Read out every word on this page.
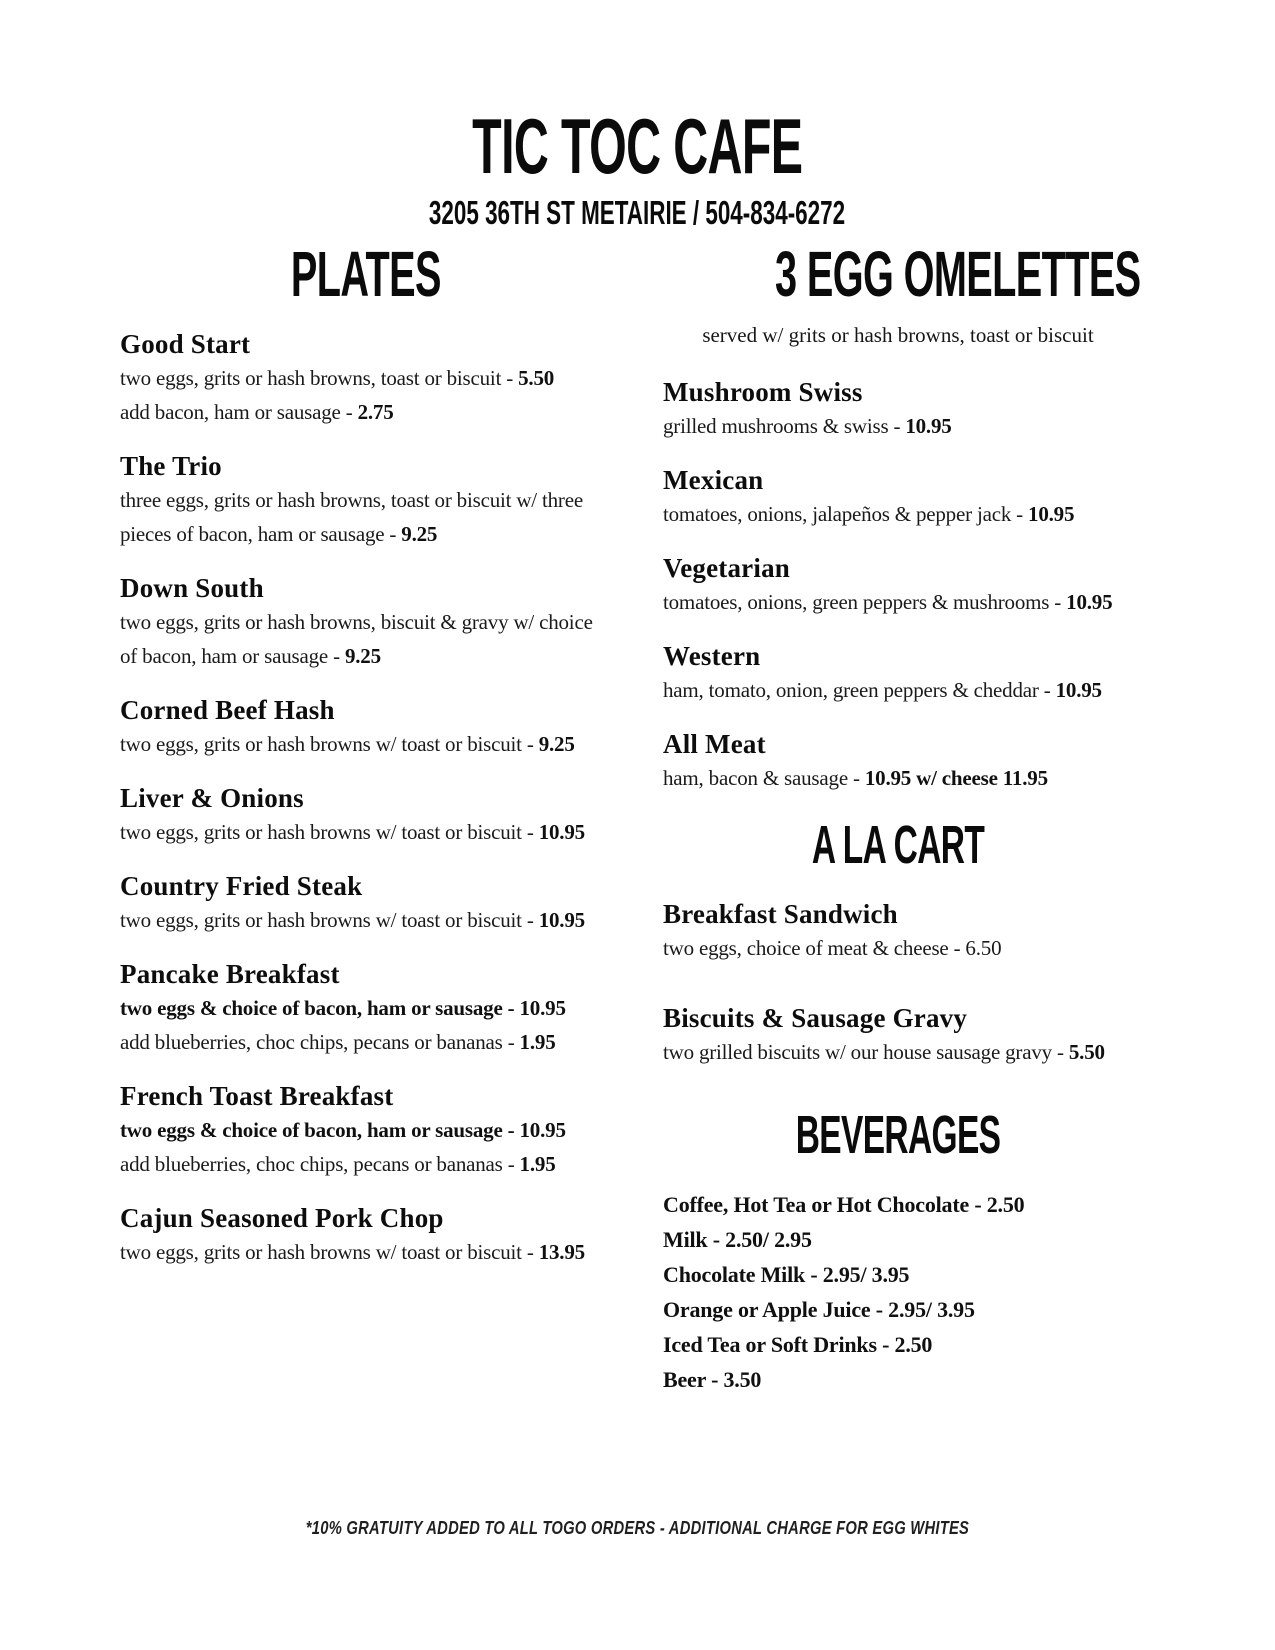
TIC TOC CAFE
3205 36TH ST METAIRIE / 504-834-6272
PLATES
Good Start

two eggs, grits or hash browns, toast or biscuit - 5.50

add bacon, ham or sausage - 2.75

The Trio

three eggs, grits or hash browns, toast or biscuit w/ three

pieces of bacon, ham or sausage - 9.25

Down South

two eggs, grits or hash browns, biscuit & gravy w/ choice

of bacon, ham or sausage - 9.25

Corned Beef Hash

two eggs, grits or hash browns w/ toast or biscuit - 9.25

Liver & Onions

two eggs, grits or hash browns w/ toast or biscuit - 10.95

Country Fried Steak

two eggs, grits or hash browns w/ toast or biscuit - 10.95

Pancake Breakfast

two eggs & choice of bacon, ham or sausage - 10.95

add blueberries, choc chips, pecans or bananas - 1.95

French Toast Breakfast

two eggs & choice of bacon, ham or sausage - 10.95

add blueberries, choc chips, pecans or bananas - 1.95

Cajun Seasoned Pork Chop

two eggs, grits or hash browns w/ toast or biscuit - 13.95

3 EGG OMELETTES

served w/ grits or hash browns, toast or biscuit

Mushroom Swiss

grilled mushrooms & swiss - 10.95

Mexican

tomatoes, onions, jalapeños & pepper jack - 10.95

Vegetarian

tomatoes, onions, green peppers & mushrooms - 10.95

Western

ham, tomato, onion, green peppers & cheddar - 10.95

All Meat

ham, bacon & sausage - 10.95 w/ cheese 11.95

A LA CART
Breakfast Sandwich

two eggs, choice of meat & cheese - 6.50

Biscuits & Sausage Gravy

two grilled biscuits w/ our house sausage gravy - 5.50

BEVERAGES

Coffee, Hot Tea or Hot Chocolate - 2.50

Milk - 2.50/ 2.95

Chocolate Milk - 2.95/ 3.95

Orange or Apple Juice - 2.95/ 3.95

Iced Tea or Soft Drinks - 2.50

Beer - 3.50

*10% GRATUITY ADDED TO ALL TOGO ORDERS - ADDITIONAL CHARGE FOR EGG WHITES
